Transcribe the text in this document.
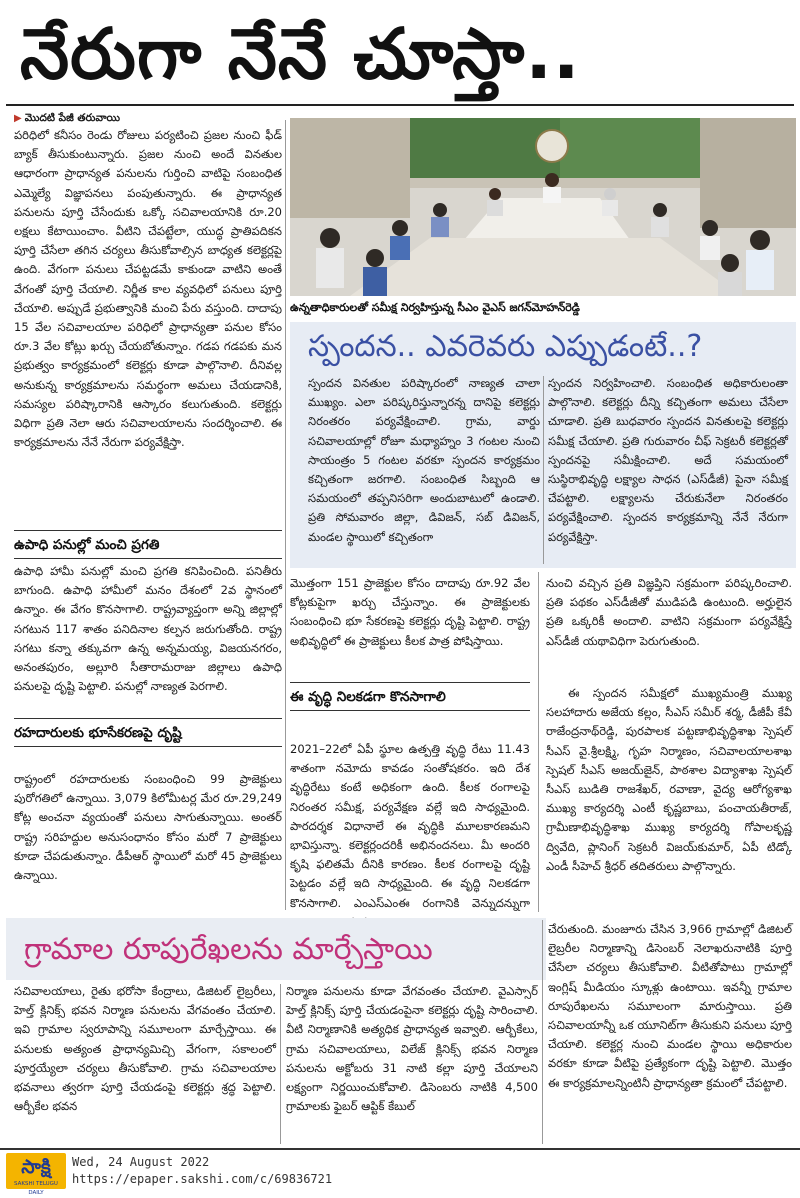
నేరుగా నేనే చూస్తా..
▶ మొదటి పేజీ తరువాయి
పరిధిలో కనీసం రెండు రోజులు పర్యటించి ప్రజల నుంచి ఫీడ్‌ బ్యాక్‌ తీసుకుంటున్నారు. ప్రజల నుంచి అందే వినతుల ఆధారంగా ప్రాధాన్యత పనులను గుర్తించి వాటిపై సంబంధిత ఎమ్మెల్యే విజ్ఞాపనలు పంపుతున్నారు. ఈ ప్రాధాన్యత పనులను పూర్తి చేసేందుకు ఒక్కో సచివాలయానికి రూ.20 లక్షలు కేటాయించాం. వీటిని చేపట్టేలా, యుద్ధ ప్రాతిపదికన పూర్తి చేసేలా తగిన చర్యలు తీసుకోవాల్సిన బాధ్యత కలెక్టర్లపై ఉంది. వేగంగా పనులు చేపట్టడమే కాకుండా వాటిని అంతే వేగంతో పూర్తి చేయాలి. నిర్ణీత కాల వ్యవధిలో పనులు పూర్తి చేయాలి. అప్పుడే ప్రభుత్వానికి మంచి పేరు వస్తుంది. దాదాపు 15 వేల సచివాలయాల పరిధిలో ప్రాధాన్యతా పనుల కోసం రూ.3 వేల కోట్లు ఖర్చు చేయబోతున్నాం. గడప గడపకు మన ప్రభుత్వం కార్యక్రమంలో కలెక్టర్లు కూడా పాల్గొనాలి. దీనివల్ల అనుకున్న కార్యక్రమాలను సమర్థంగా అమలు చేయడానికి, సమస్యల పరిష్కారానికి ఆస్కారం కలుగుతుంది. కలెక్టర్లు విధిగా ప్రతి నెలా ఆరు సచివాలయాలను సందర్శించాలి. ఈ కార్యక్రమాలను నేనే నేరుగా పర్యవేక్షిస్తా.
ఉన్నతాధికారులతో సమీక్ష నిర్వహిస్తున్న సీఎం వైఎస్‌ జగన్‌మోహన్‌రెడ్డి
స్పందన.. ఎవరెవరు ఎప్పుడంటే..?
స్పందన వినతుల పరిష్కారంలో నాణ్యత చాలా ముఖ్యం. ఎలా పరిష్కరిస్తున్నారన్న దానిపై కలెక్టర్లు నిరంతరం పర్యవేక్షించాలి. గ్రామ, వార్డు సచివాలయాల్లో రోజూ మధ్యాహ్నం 3 గంటల నుంచి సాయంత్రం 5 గంటల వరకూ స్పందన కార్యక్రమం కచ్చితంగా జరగాలి. సంబంధిత సిబ్బంది ఆ సమయంలో తప్పనిసరిగా అందుబాటులో ఉండాలి. ప్రతి సోమవారం జిల్లా, డివిజన్, సబ్‌ డివిజన్, మండల స్థాయిలో కచ్చితంగా
స్పందన నిర్వహించాలి. సంబంధిత అధికారులంతా పాల్గొనాలి. కలెక్టర్లు దీన్ని కచ్చితంగా అమలు చేసేలా చూడాలి. ప్రతి బుధవారం స్పందన వినతులపై కలెక్టర్లు సమీక్ష చేయాలి. ప్రతి గురువారం చీఫ్‌ సెక్రటరీ కలెక్టర్లతో స్పందనపై సమీక్షించాలి. అదే సమయంలో సుస్థిరాభివృద్ధి లక్ష్యాల సాధన (ఎస్‌డీజీ) పైనా సమీక్ష చేపట్టాలి. లక్ష్యాలను చేరుకునేలా నిరంతరం పర్యవేక్షించాలి. స్పందన కార్యక్రమాన్ని నేనే నేరుగా పర్యవేక్షిస్తా.
ఉపాధి పనుల్లో మంచి ప్రగతి
ఉపాధి హామీ పనుల్లో మంచి ప్రగతి కనిపించింది. పనితీరు బాగుంది. ఉపాధి హామీలో మనం దేశంలో 2వ స్థానంలో ఉన్నాం. ఈ వేగం కొనసాగాలి. రాష్ట్రవ్యాప్తంగా అన్ని జిల్లాల్లో సగటున 117 శాతం పనిదినాల కల్పన జరుగుతోంది. రాష్ట్ర సగటు కన్నా తక్కువగా ఉన్న అన్నమయ్య, విజయనగరం, అనంతపురం, అల్లూరి సీతారామరాజు జిల్లాలు ఉపాధి పనులపై దృష్టి పెట్టాలి. పనుల్లో నాణ్యత పెరగాలి.
రహదారులకు భూసేకరణపై దృష్టి
రాష్ట్రంలో రహదారులకు సంబంధించి 99 ప్రాజెక్టులు పురోగతిలో ఉన్నాయి. 3,079 కిలోమీటర్ల మేర రూ.29,249 కోట్ల అంచనా వ్యయంతో పనులు సాగుతున్నాయి. అంతర్‌ రాష్ట్ర సరిహద్దుల అనుసంధానం కోసం మరో 7 ప్రాజెక్టులు కూడా చేపడుతున్నాం. డీపీఆర్‌ స్థాయిలో మరో 45 ప్రాజెక్టులు ఉన్నాయి.
మొత్తంగా 151 ప్రాజెక్టుల కోసం దాదాపు రూ.92 వేల కోట్లకుపైగా ఖర్చు చేస్తున్నాం. ఈ ప్రాజెక్టులకు సంబంధించి భూ సేకరణపై కలెక్టర్లు దృష్టి పెట్టాలి. రాష్ట్ర అభివృద్ధిలో ఈ ప్రాజెక్టులు కీలక పాత్ర పోషిస్తాయి.
ఈ వృద్ధి నిలకడగా కొనసాగాలి
2021–22లో ఏపీ స్థూల ఉత్పత్తి వృద్ధి రేటు 11.43 శాతంగా నమోదు కావడం సంతోషకరం. ఇది దేశ వృద్ధిరేటు కంటే అధికంగా ఉంది. కీలక రంగాలపై నిరంతర సమీక్ష, పర్యవేక్షణ వల్లే ఇది సాధ్యమైంది. పారదర్శక విధానాలే ఈ వృద్ధికి మూలకారణమని భావిస్తున్నా. కలెక్టర్లందరికీ అభినందనలు. మీ అందరి కృషి ఫలితమే దీనికి కారణం. కీలక రంగాలపై దృష్టి పెట్టడం వల్లే ఇది సాధ్యమైంది. ఈ వృద్ధి నిలకడగా కొనసాగాలి. ఎంఎస్‌ఎంఈ రంగానికి వెన్నుదన్నుగా
నుంచి వచ్చిన ప్రతి విజ్ఞప్తిని సక్రమంగా పరిష్కరించాలి. ప్రతి పథకం ఎస్‌డీజీతో ముడిపడి ఉంటుంది. అర్హులైన ప్రతి ఒక్కరికీ అందాలి. వాటిని సక్రమంగా పర్యవేక్షిస్తే ఎస్‌డీజీ యథావిధిగా పెరుగుతుంది.
ఈ స్పందన సమీక్షలో ముఖ్యమంత్రి ముఖ్య సలహాదారు అజేయ కల్లం, సీఎస్‌ సమీర్‌ శర్మ, డీజీపీ కేవీ రాజేంద్రనాథ్‌రెడ్డి, పురపాలక పట్టణాభివృద్ధిశాఖ స్పెషల్‌ సీఎస్‌ వై.శ్రీలక్ష్మి, గృహ నిర్మాణం, సచివాలయాలశాఖ స్పెషల్‌ సీఎస్‌ అజయ్‌జైన్, పాఠశాల విద్యాశాఖ స్పెషల్‌ సీఎస్‌ బుడితి రాజశేఖర్, రవాణా, వైద్య ఆరోగ్యశాఖ ముఖ్య కార్యదర్శి ఎంటీ కృష్ణబాబు, పంచాయతీరాజ్, గ్రామీణాభివృద్ధిశాఖ ముఖ్య కార్యదర్శి గోపాలకృష్ణ ద్వివేది, ప్లానింగ్‌ సెక్రటరీ విజయ్‌కుమార్, ఏపీ టిడ్కో ఎండీ సీహెచ్‌ శ్రీధర్‌ తదితరులు పాల్గొన్నారు.
గ్రామాల రూపురేఖలను మార్చేస్తాయి
సచివాలయాలు, రైతు భరోసా కేంద్రాలు, డిజిటల్‌ లైబ్రరీలు, హెల్త్‌ క్లినిక్స్‌ భవన నిర్మాణ పనులను వేగవంతం చేయాలి. ఇవి గ్రామాల స్వరూపాన్ని సమూలంగా మార్చేస్తాయి. ఈ పనులకు అత్యంత ప్రాధాన్యమిచ్చి వేగంగా, సకాలంలో పూర్తయ్యేలా చర్యలు తీసుకోవాలి. గ్రామ సచివాలయాల భవనాలు త్వరగా పూర్తి చేయడంపై కలెక్టర్లు శ్రద్ధ పెట్టాలి. ఆర్బీకేల భవన
నిర్మాణ పనులను కూడా వేగవంతం చేయాలి. వైఎస్సార్‌ హెల్త్‌ క్లినిక్స్‌ పూర్తి చేయడంపైనా కలెక్టర్లు దృష్టి సారించాలి. వీటి నిర్మాణానికి అత్యధిక ప్రాధాన్యత ఇవ్వాలి. ఆర్బీకేలు, గ్రామ సచివాలయాలు, విలేజ్‌ క్లినిక్స్‌ భవన నిర్మాణ పనులను అక్టోబరు 31 నాటి కల్లా పూర్తి చేయాలని లక్ష్యంగా నిర్ణయించుకోవాలి. డిసెంబరు నాటికి 4,500 గ్రామాలకు ఫైబర్‌ ఆప్టిక్‌ కేబుల్‌
చేరుతుంది. మంజూరు చేసిన 3,966 గ్రామాల్లో డిజిటల్‌ లైబ్రరీల నిర్మాణాన్ని డిసెంబర్‌ నెలాఖరునాటికి పూర్తి చేసేలా చర్యలు తీసుకోవాలి. వీటితోపాటు గ్రామాల్లో ఇంగ్లిష్‌ మీడియం స్కూళ్లు ఉంటాయి. ఇవన్నీ గ్రామాల రూపురేఖలను సమూలంగా మారుస్తాయి. ప్రతి సచివాలయాన్నీ ఒక యూనిట్‌గా తీసుకుని పనులు పూర్తి చేయాలి. కలెక్టర్ల నుంచి మండల స్థాయి అధికారుల వరకూ కూడా వీటిపై ప్రత్యేకంగా దృష్టి పెట్టాలి. మొత్తం ఈ కార్యక్రమాలన్నింటినీ ప్రాధాన్యతా క్రమంలో చేపట్టాలి.
సాక్షి
SAKSHI TELUGU DAILY
Wed, 24 August 2022
https://epaper.sakshi.com/c/69836721
